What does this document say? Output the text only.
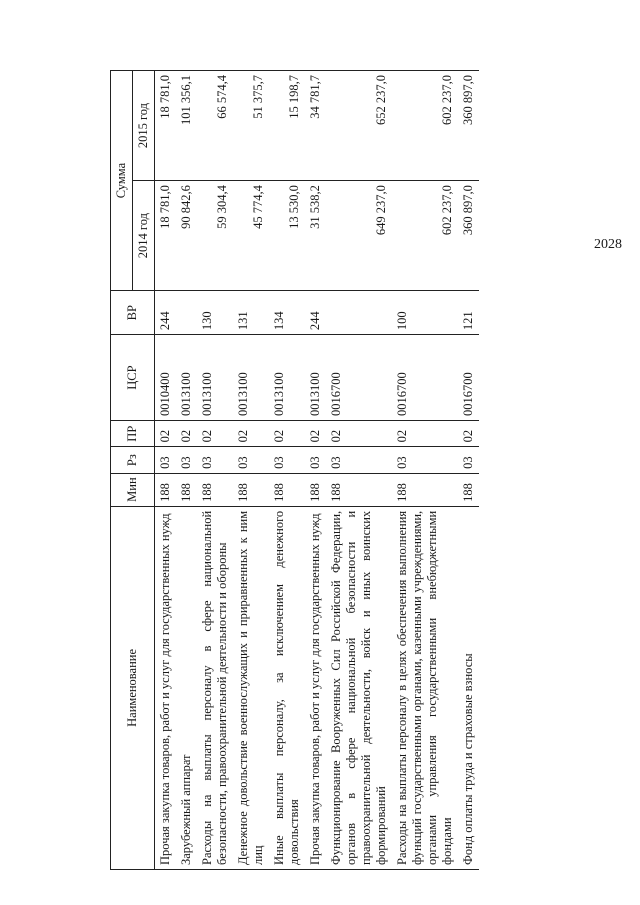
2028
Наименование	Мин	Рз	ПР	ЦСР	ВР	Сумма	
						2014 год	2015 год
Прочая закупка товаров, работ и услуг для государственных нужд	188	03	02	0010400	244	18 781,0	18 781,0
Зарубежный аппарат	188	03	02	0013100		90 842,6	101 356,1
Расходы на выплаты персоналу в сфере национальной безопасности, правоохранительной деятельности и обороны	188	03	02	0013100	130	59 304,4	66 574,4
Денежное довольствие военнослужащих и приравненных к ним лиц	188	03	02	0013100	131	45 774,4	51 375,7
Иные выплаты персоналу, за исключением денежного довольствия	188	03	02	0013100	134	13 530,0	15 198,7
Прочая закупка товаров, работ и услуг для государственных нужд	188	03	02	0013100	244	31 538,2	34 781,7
Функционирование Вооруженных Сил Российской Федерации, органов в сфере национальной безопасности и правоохранительной деятельности, войск и иных воинских формирований	188	03	02	0016700		649 237,0	652 237,0
Расходы на выплаты персоналу в целях обеспечения выполнения функций государственными органами, казенными учреждениями, органами управления государственными внебюджетными фондами	188	03	02	0016700	100	602 237,0	602 237,0
Фонд оплаты труда и страховые взносы	188	03	02	0016700	121	360 897,0	360 897,0
